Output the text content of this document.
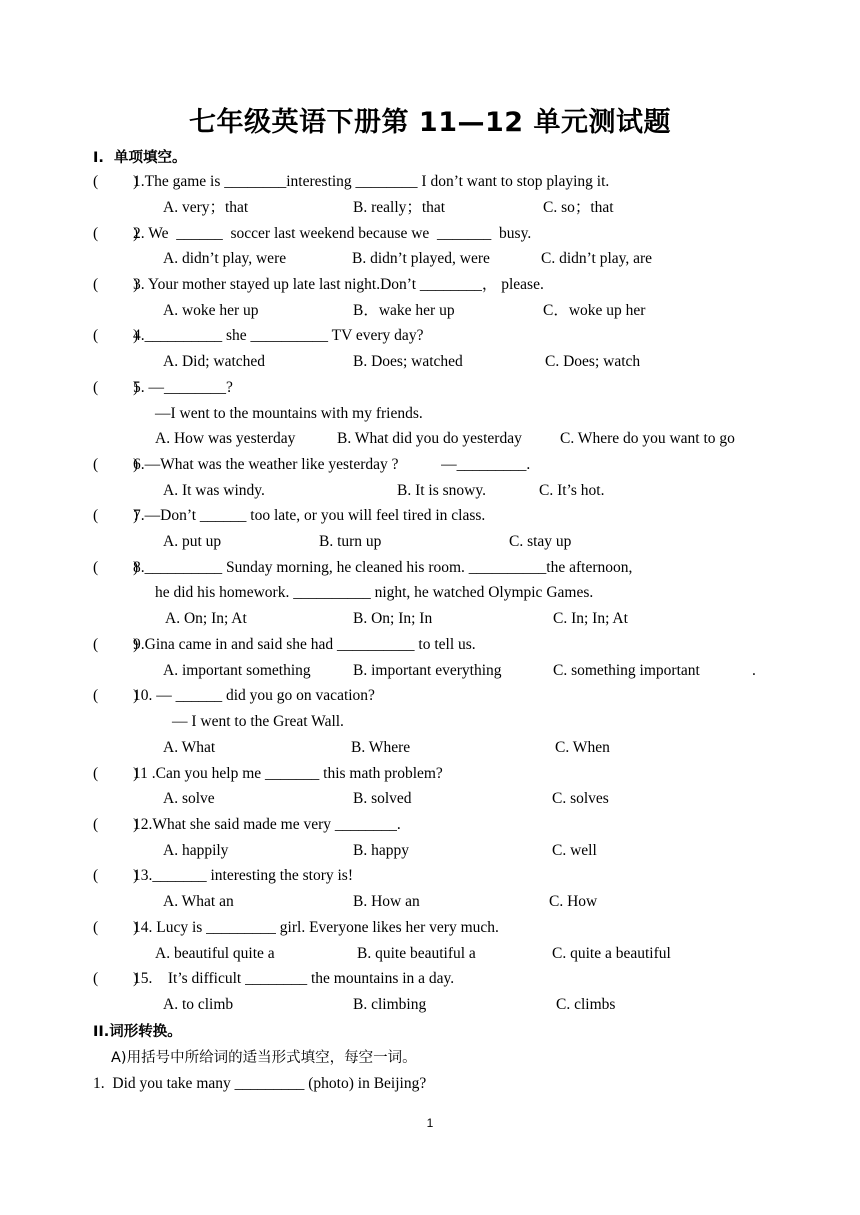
七年级英语下册第 11—12 单元测试题
I.  单项填空。
(         )
1.The game is ________interesting ________ I don’t want to stop playing it.
A. very；that	B. really；that	C. so；that
(         )
2. We  ______  soccer last weekend because we  _______  busy.
A. didn’t play, were	B. didn’t played, were	C. didn’t play, are
(         )
3. Your mother stayed up late last night.Don’t ________， please.
A. woke her up	B．wake her up	C．woke up her
(         )
4.__________ she __________ TV every day?
A. Did; watched	B. Does; watched	C. Does; watch
(         )
5. —________?
—I went to the mountains with my friends.
A. How was yesterday	B. What did you do yesterday C. Where do you want to go
(         )
6.—What was the weather like yesterday ?           —_________.
A. It was windy.	B. It is snowy.	C. It’s hot.
(         )
7.—Don’t ______ too late, or you will feel tired in class.
A. put up	B. turn up	C. stay up
(         )
8.__________ Sunday morning, he cleaned his room. __________the afternoon,
he did his homework. __________ night, he watched Olympic Games.
A. On; In; At	B. On; In; In	C. In; In; At
(         )
9.Gina came in and said she had __________ to tell us.
A. important something	B. important everything	C. something important	.
(         )
10. — ______ did you go on vacation?
— I went to the Great Wall.
A. What	B. Where	C. When
(         )
11 .Can you help me _______ this math problem?
A. solve	B. solved	C. solves
(         )
12.What she said made me very ________.
A. happily	B. happy	C. well
(         )
13._______ interesting the story is!
A. What an	B. How an	C. How
(         )
14. Lucy is _________ girl. Everyone likes her very much.
A. beautiful quite a	B. quite beautiful a	C. quite a beautiful
(         )
15.    It’s difficult ________ the mountains in a day.
A. to climb	B. climbing	C. climbs
II.词形转换。
A)用括号中所给词的适当形式填空，每空一词。
1.  Did you take many _________ (photo) in Beijing?
1
